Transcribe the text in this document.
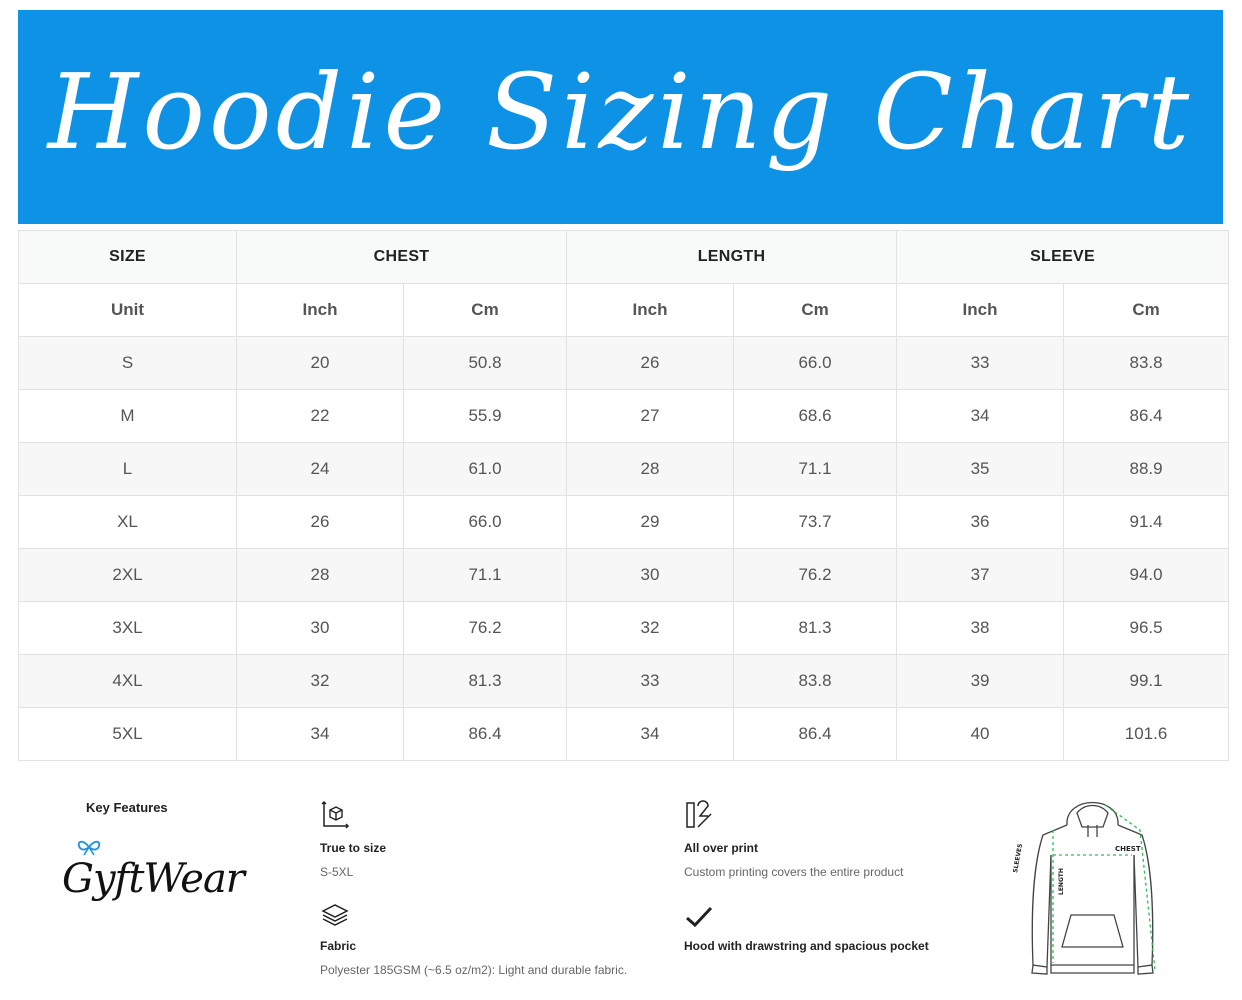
Hoodie Sizing Chart
SIZE	CHEST		LENGTH		SLEEVE	
Unit	Inch	Cm	Inch	Cm	Inch	Cm
S	20	50.8	26	66.0	33	83.8
M	22	55.9	27	68.6	34	86.4
L	24	61.0	28	71.1	35	88.9
XL	26	66.0	29	73.7	36	91.4
2XL	28	71.1	30	76.2	37	94.0
3XL	30	76.2	32	81.3	38	96.5
4XL	32	81.3	33	83.8	39	99.1
5XL	34	86.4	34	86.4	40	101.6
Key Features
GyftWear
True to size
S-5XL
Fabric
Polyester 185GSM (~6.5 oz/m2): Light and durable fabric.
All over print
Custom printing covers the entire product
Hood with drawstring and spacious pocket
CHEST
LENGTH
SLEEVES
